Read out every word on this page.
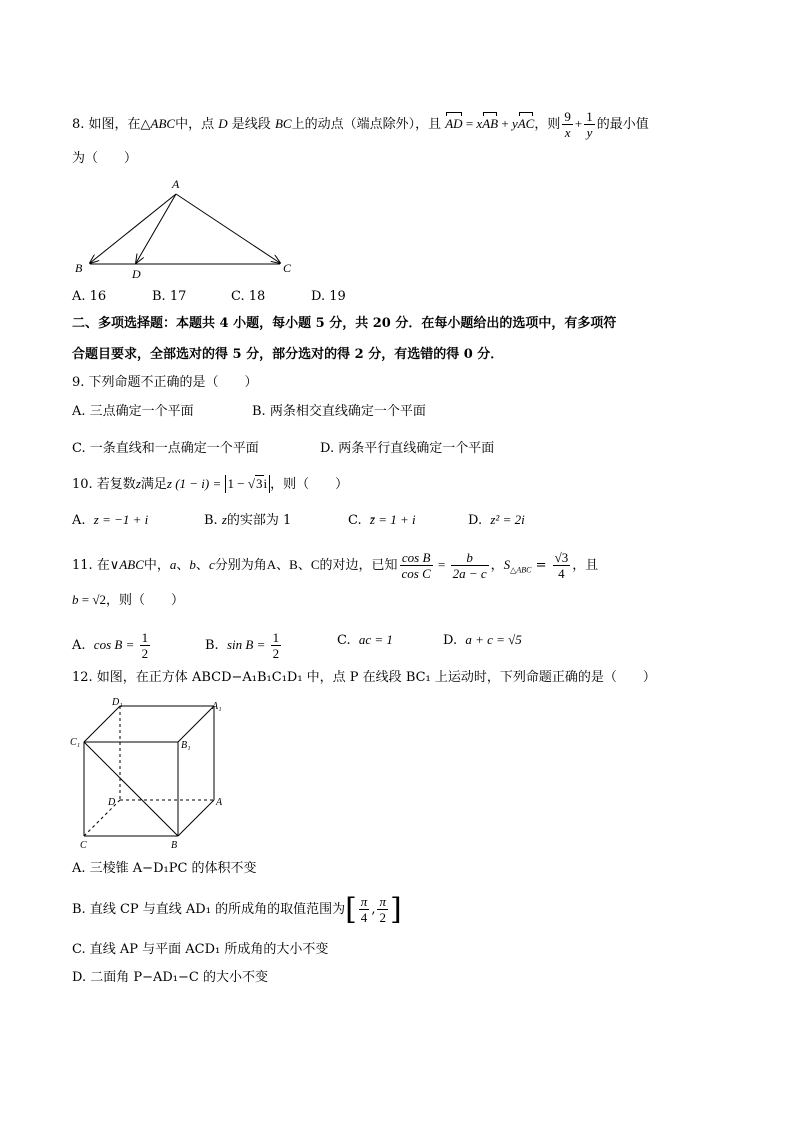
8. 如图，在△ABC中，点 D 是线段 BC上的动点（端点除外），且 AD = xAB + yAC，则 $\frac{9}{x} + \frac{1}{y}$ 的最小值
为（　　）
A
B	D	C
A. 16	B. 17	C. 18	D. 19
二、多项选择题：本题共 4 小题，每小题 5 分，共 20 分．在每小题给出的选项中，有多项符
合题目要求，全部选对的得 5 分，部分选对的得 2 分，有选错的得 0 分．
9. 下列命题不正确的是（　　）
A. 三点确定一个平面	B. 两条相交直线确定一个平面
C. 一条直线和一点确定一个平面	D. 两条平行直线确定一个平面
10. 若复数z满足z (1 − i) = 1 − √3i ，则（　　）
A. z = −1 + i	B. z的实部为 1	C. z̄ = 1 + i	D. z² = 2i
11. 在∨ABC中，a、b、c分别为角A、B、C的对边，已知 $\frac{\text{cos B}}{\text{cos C}} = \frac{b}{2a - c}$ ，$S_{\triangle ABC} = \frac{√3}{4}$ ，且
b = √2，则（　　）
A. $\cos B = \frac{1}{2}$	B. $\sin B = \frac{1}{2}$	C. ac = 1	D. a + c = √5
12. 如图，在正方体 ABCD−A₁B₁C₁D₁ 中，点 P 在线段 BC₁ 上运动时，下列命题正确的是（　　）
D₁	A₁
C₁	B₁
D	A
C	B
A. 三棱锥 A−D₁PC 的体积不变
B. 直线 CP 与直线 AD₁ 的所成角的取值范围为[ $\frac{\pi}{4}$ , $\frac{\pi}{2}$ ]
C. 直线 AP 与平面 ACD₁ 所成角的大小不变
D. 二面角 P−AD₁−C 的大小不变
